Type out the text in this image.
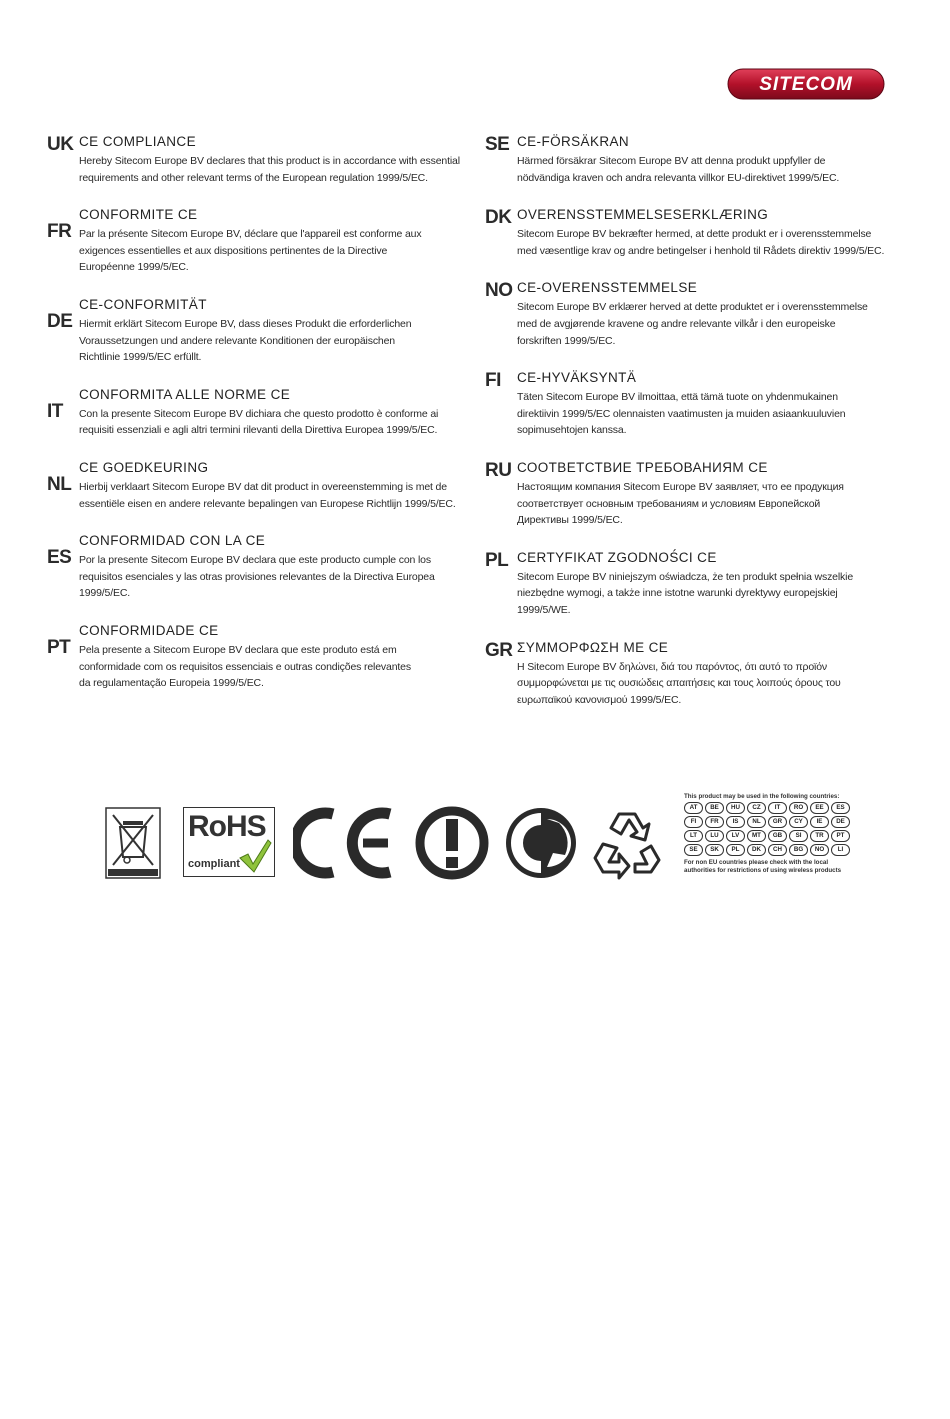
SITECOM
UK CE COMPLIANCE
Hereby Sitecom Europe BV declares that this product is in accordance with essential
requirements and other relevant terms of the European regulation 1999/5/EC.
FR
CONFORMITE CE
Par la présente Sitecom Europe BV, déclare que l'appareil est conforme aux
exigences essentielles et aux dispositions pertinentes de la Directive
Européenne 1999/5/EC.
DE
CE-CONFORMITÄT
Hiermit erklärt Sitecom Europe BV, dass dieses Produkt die erforderlichen
Voraussetzungen und andere relevante Konditionen der europäischen
Richtlinie 1999/5/EC erfüllt.
IT
CONFORMITA ALLE NORME CE
Con la presente Sitecom Europe BV dichiara che questo prodotto è conforme ai
requisiti essenziali e agli altri termini rilevanti della Direttiva Europea 1999/5/EC.
NL
CE GOEDKEURING
Hierbij verklaart Sitecom Europe BV dat dit product in overeenstemming is met de
essentiële eisen en andere relevante bepalingen van Europese Richtlijn 1999/5/EC.
ES
CONFORMIDAD CON LA CE
Por la presente Sitecom Europe BV declara que este producto cumple con los
requisitos esenciales y las otras provisiones relevantes de la Directiva Europea
1999/5/EC.
PT
CONFORMIDADE CE
Pela presente a Sitecom Europe BV declara que este produto está em
conformidade com os requisitos essenciais e outras condições relevantes
da regulamentação Europeia 1999/5/EC.
SE CE-FÖRSÄKRAN
Härmed försäkrar Sitecom Europe BV att denna produkt uppfyller de
nödvändiga kraven och andra relevanta villkor EU-direktivet 1999/5/EC.
DK OVERENSSTEMMELSESERKLÆRING
Sitecom Europe BV bekræfter hermed, at dette produkt er i overensstemmelse
med væsentlige krav og andre betingelser i henhold til Rådets direktiv 1999/5/EC.
NO CE-OVERENSSTEMMELSE
Sitecom Europe BV erklærer herved at dette produktet er i overensstemmelse
med de avgjørende kravene og andre relevante vilkår i den europeiske
forskriften 1999/5/EC.
FI CE-HYVÄKSYNTÄ
Täten Sitecom Europe BV ilmoittaa, että tämä tuote on yhdenmukainen
direktiivin 1999/5/EC olennaisten vaatimusten ja muiden asiaankuuluvien
sopimusehtojen kanssa.
RU СООТВЕТСТВИЕ ТРЕБОВАНИЯМ CE
Настоящим компания Sitecom Europe BV заявляет, что ее продукция
соответствует основным требованиям и условиям Европейской
Директивы 1999/5/EC.
PL CERTYFIKAT ZGODNOŚCI CE
Sitecom Europe BV niniejszym oświadcza, że ten produkt spełnia wszelkie
niezbędne wymogi, a także inne istotne warunki dyrektywy europejskiej
1999/5/WE.
GR ΣΥΜΜΟΡΦΩΣΗ ΜΕ CE
Η Sitecom Europe BV δηλώνει, διά του παρόντος, ότι αυτό το προϊόν
συμμορφώνεται με τις ουσιώδεις απαιτήσεις και τους λοιπούς όρους του
ευρωπαϊκού κανονισμού 1999/5/EC.
RoHS
compliant
This product may be used in the following countries:
AT	BE	HU	CZ	IT	RO	EE	ES
FI	FR	IS	NL	GR	CY	IE	DE
LT	LU	LV	MT	GB	SI	TR	PT
SE	SK	PL	DK	CH	BG	NO	LI
For non EU countries please check with the local authorities for restrictions of using wireless products
